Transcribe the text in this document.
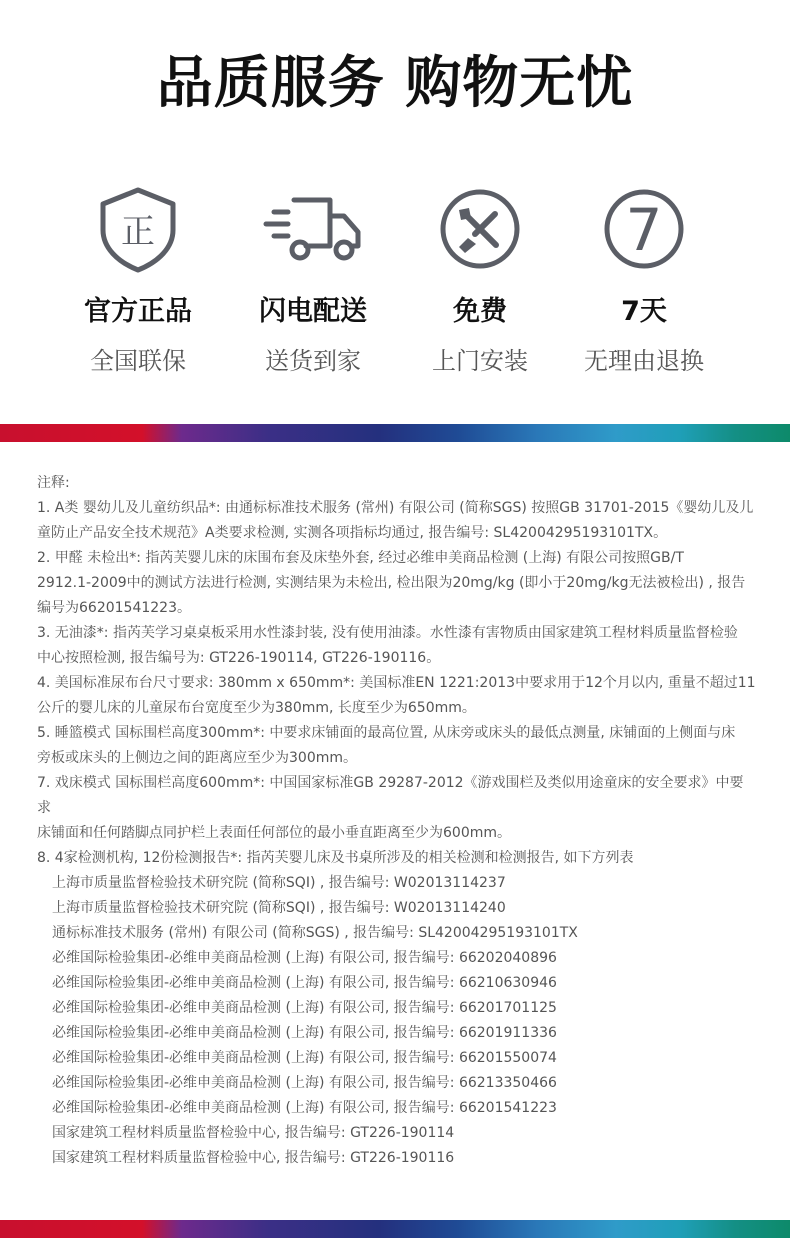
品质服务 购物无忧
正
官方正品
全国联保
闪电配送
送货到家
免费
上门安装
7
7天
无理由退换

注释:

1. A类 婴幼儿及儿童纺织品*: 由通标标准技术服务 (常州) 有限公司 (简称SGS) 按照GB 31701-2015《婴幼儿及儿

童防止产品安全技术规范》A类要求检测, 实测各项指标均通过, 报告编号: SL42004295193101TX。

2. 甲醛 未检出*: 指芮芙婴儿床的床围布套及床垫外套, 经过必维申美商品检测 (上海) 有限公司按照GB/T

2912.1-2009中的测试方法进行检测, 实测结果为未检出, 检出限为20mg/kg (即小于20mg/kg无法被检出) , 报告

编号为66201541223。

3. 无油漆*: 指芮芙学习桌桌板采用水性漆封装, 没有使用油漆。水性漆有害物质由国家建筑工程材料质量监督检验

中心按照检测, 报告编号为: GT226-190114, GT226-190116。

4. 美国标准尿布台尺寸要求: 380mm x 650mm*: 美国标准EN 1221:2013中要求用于12个月以内, 重量不超过11

公斤的婴儿床的儿童尿布台宽度至少为380mm, 长度至少为650mm。

5. 睡篮模式 国标围栏高度300mm*: 中要求床铺面的最高位置, 从床旁或床头的最低点测量, 床铺面的上侧面与床

旁板或床头的上侧边之间的距离应至少为300mm。

7. 戏床模式 国标围栏高度600mm*: 中国国家标准GB 29287-2012《游戏围栏及类似用途童床的安全要求》中要求

床铺面和任何踏脚点同护栏上表面任何部位的最小垂直距离至少为600mm。

8. 4家检测机构, 12份检测报告*: 指芮芙婴儿床及书桌所涉及的相关检测和检测报告, 如下方列表

上海市质量监督检验技术研究院 (简称SQI) , 报告编号: W02013114237

上海市质量监督检验技术研究院 (简称SQI) , 报告编号: W02013114240

通标标准技术服务 (常州) 有限公司 (简称SGS) , 报告编号: SL42004295193101TX

必维国际检验集团-必维申美商品检测 (上海) 有限公司, 报告编号: 66202040896

必维国际检验集团-必维申美商品检测 (上海) 有限公司, 报告编号: 66210630946

必维国际检验集团-必维申美商品检测 (上海) 有限公司, 报告编号: 66201701125

必维国际检验集团-必维申美商品检测 (上海) 有限公司, 报告编号: 66201911336

必维国际检验集团-必维申美商品检测 (上海) 有限公司, 报告编号: 66201550074

必维国际检验集团-必维申美商品检测 (上海) 有限公司, 报告编号: 66213350466

必维国际检验集团-必维申美商品检测 (上海) 有限公司, 报告编号: 66201541223

国家建筑工程材料质量监督检验中心, 报告编号: GT226-190114

国家建筑工程材料质量监督检验中心, 报告编号: GT226-190116
